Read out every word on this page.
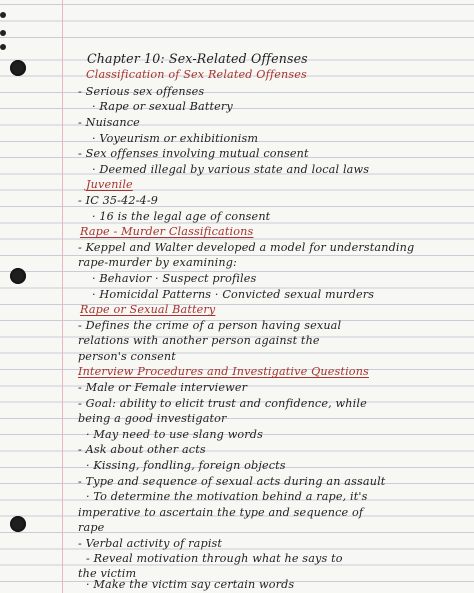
Chapter 10: Sex-Related Offenses
Classification of Sex Related Offenses
- Serious sex offenses
· Rape or sexual Battery
- Nuisance
· Voyeurism or exhibitionism
- Sex offenses involving mutual consent
· Deemed illegal by various state and local laws
Juvenile
- IC 35-42-4-9
· 16 is the legal age of consent
Rape - Murder Classifications
- Keppel and Walter developed a model for understanding
rape-murder by examining:
· Behavior · Suspect profiles
· Homicidal Patterns · Convicted sexual murders
Rape or Sexual Battery
- Defines the crime of a person having sexual
relations with another person against the
person's consent
Interview Procedures and Investigative Questions
- Male or Female interviewer
- Goal: ability to elicit trust and confidence, while
being a good investigator
· May need to use slang words
- Ask about other acts
· Kissing, fondling, foreign objects
- Type and sequence of sexual acts during an assault
· To determine the motivation behind a rape, it's
imperative to ascertain the type and sequence of
rape
- Verbal activity of rapist
- Reveal motivation through what he says to
the victim
· Make the victim say certain words
